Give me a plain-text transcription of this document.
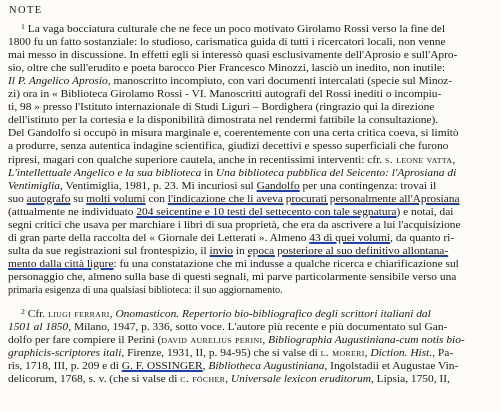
NOTE

$^1$ La vaga bocciatura culturale che ne fece un poco motivato Girolamo Rossi verso la fine del

1800 fu un fatto sostanziale: lo studioso, carismatica guida di tutti i ricercatori locali, non venne

mai messo in discussione. In effetti egli si interessò quasi esclusivamente dell'Aprosio e sull'Apro-

sio, oltre che sull'erudito e poeta barocco Pier Francesco Minozzi, lasciò un inedito, non inutile:

Il P. Angelico Aprosio, manoscritto incompiuto, con vari documenti intercalati (specie sul Minoz-

zi) ora in « Biblioteca Girolamo Rossi - VI. Manoscritti autografi del Rossi inediti o incompiu-

ti, 98 » presso l'Istituto internazionale di Studi Liguri – Bordighera (ringrazio qui la direzione

dell'istituto per la cortesia e la disponibilità dimostrata nel rendermi fattibile la consultazione).

Del Gandolfo si occupò in misura marginale e, coerentemente con una certa critica coeva, si limitò

a produrre, senza autentica indagine scientifica, giudizi decettivi e spesso superficiali che furono

ripresi, magari con qualche superiore cautela, anche in recentissimi interventi: cfr. s. leone vatta,

L'intellettuale Angelico e la sua biblioteca in Una biblioteca pubblica del Seicento: l'Aprosiana di

Ventimiglia, Ventimiglia, 1981, p. 23. Mi incuriosì sul Gandolfo per una contingenza: trovai il

suo autografo su molti volumi con l'indicazione che li aveva procurati personalmente all'Aprosiana

(attualmente ne individuato 204 seicentine e 10 testi del settecento con tale segnatura) e notai, dai

segni critici che usava per marchiare i libri di sua proprietà, che era da ascrivere a lui l'acquisizione

di gran parte della raccolta del « Giornale dei Letterati ». Almeno 43 di quei volumi, da quanto ri-

sulta da sue registrazioni sul frontespizio, il invio in epoca posteriore al suo definitivo allontana-

mento dalla città ligure: fu una constatazione che mi indusse a qualche ricerca e chiarificazione sul

personaggio che, almeno sulla base di questi segnali, mi parve particolarmente sensibile verso una

primaria esigenza di una qualsiasi biblioteca: il suo aggiornamento.

$^2$ Cfr. liugi ferrari, Onomasticon. Repertorio bio-bibliografico degli scrittori italiani dal

1501 al 1850, Milano, 1947, p. 336, sotto voce. L'autore più recente e più documentato sul Gan-

dolfo per fare compiere il Perini (david aurelius perini, Bibliographia Augustiniana-cum notis bio-

graphicis-scriptores itali, Firenze, 1931, II, p. 94-95) che si valse di l. moreri, Diction. Hist., Pa-

ris, 1718, III, p. 209 e di G. F. OSSINGER, Bibliotheca Augustiniana, Ingolstadii et Augustae Vin-

delicorum, 1768, s. v. (che si valse di c. föcher, Universale lexicon eruditorum, Lipsia, 1750, II,
